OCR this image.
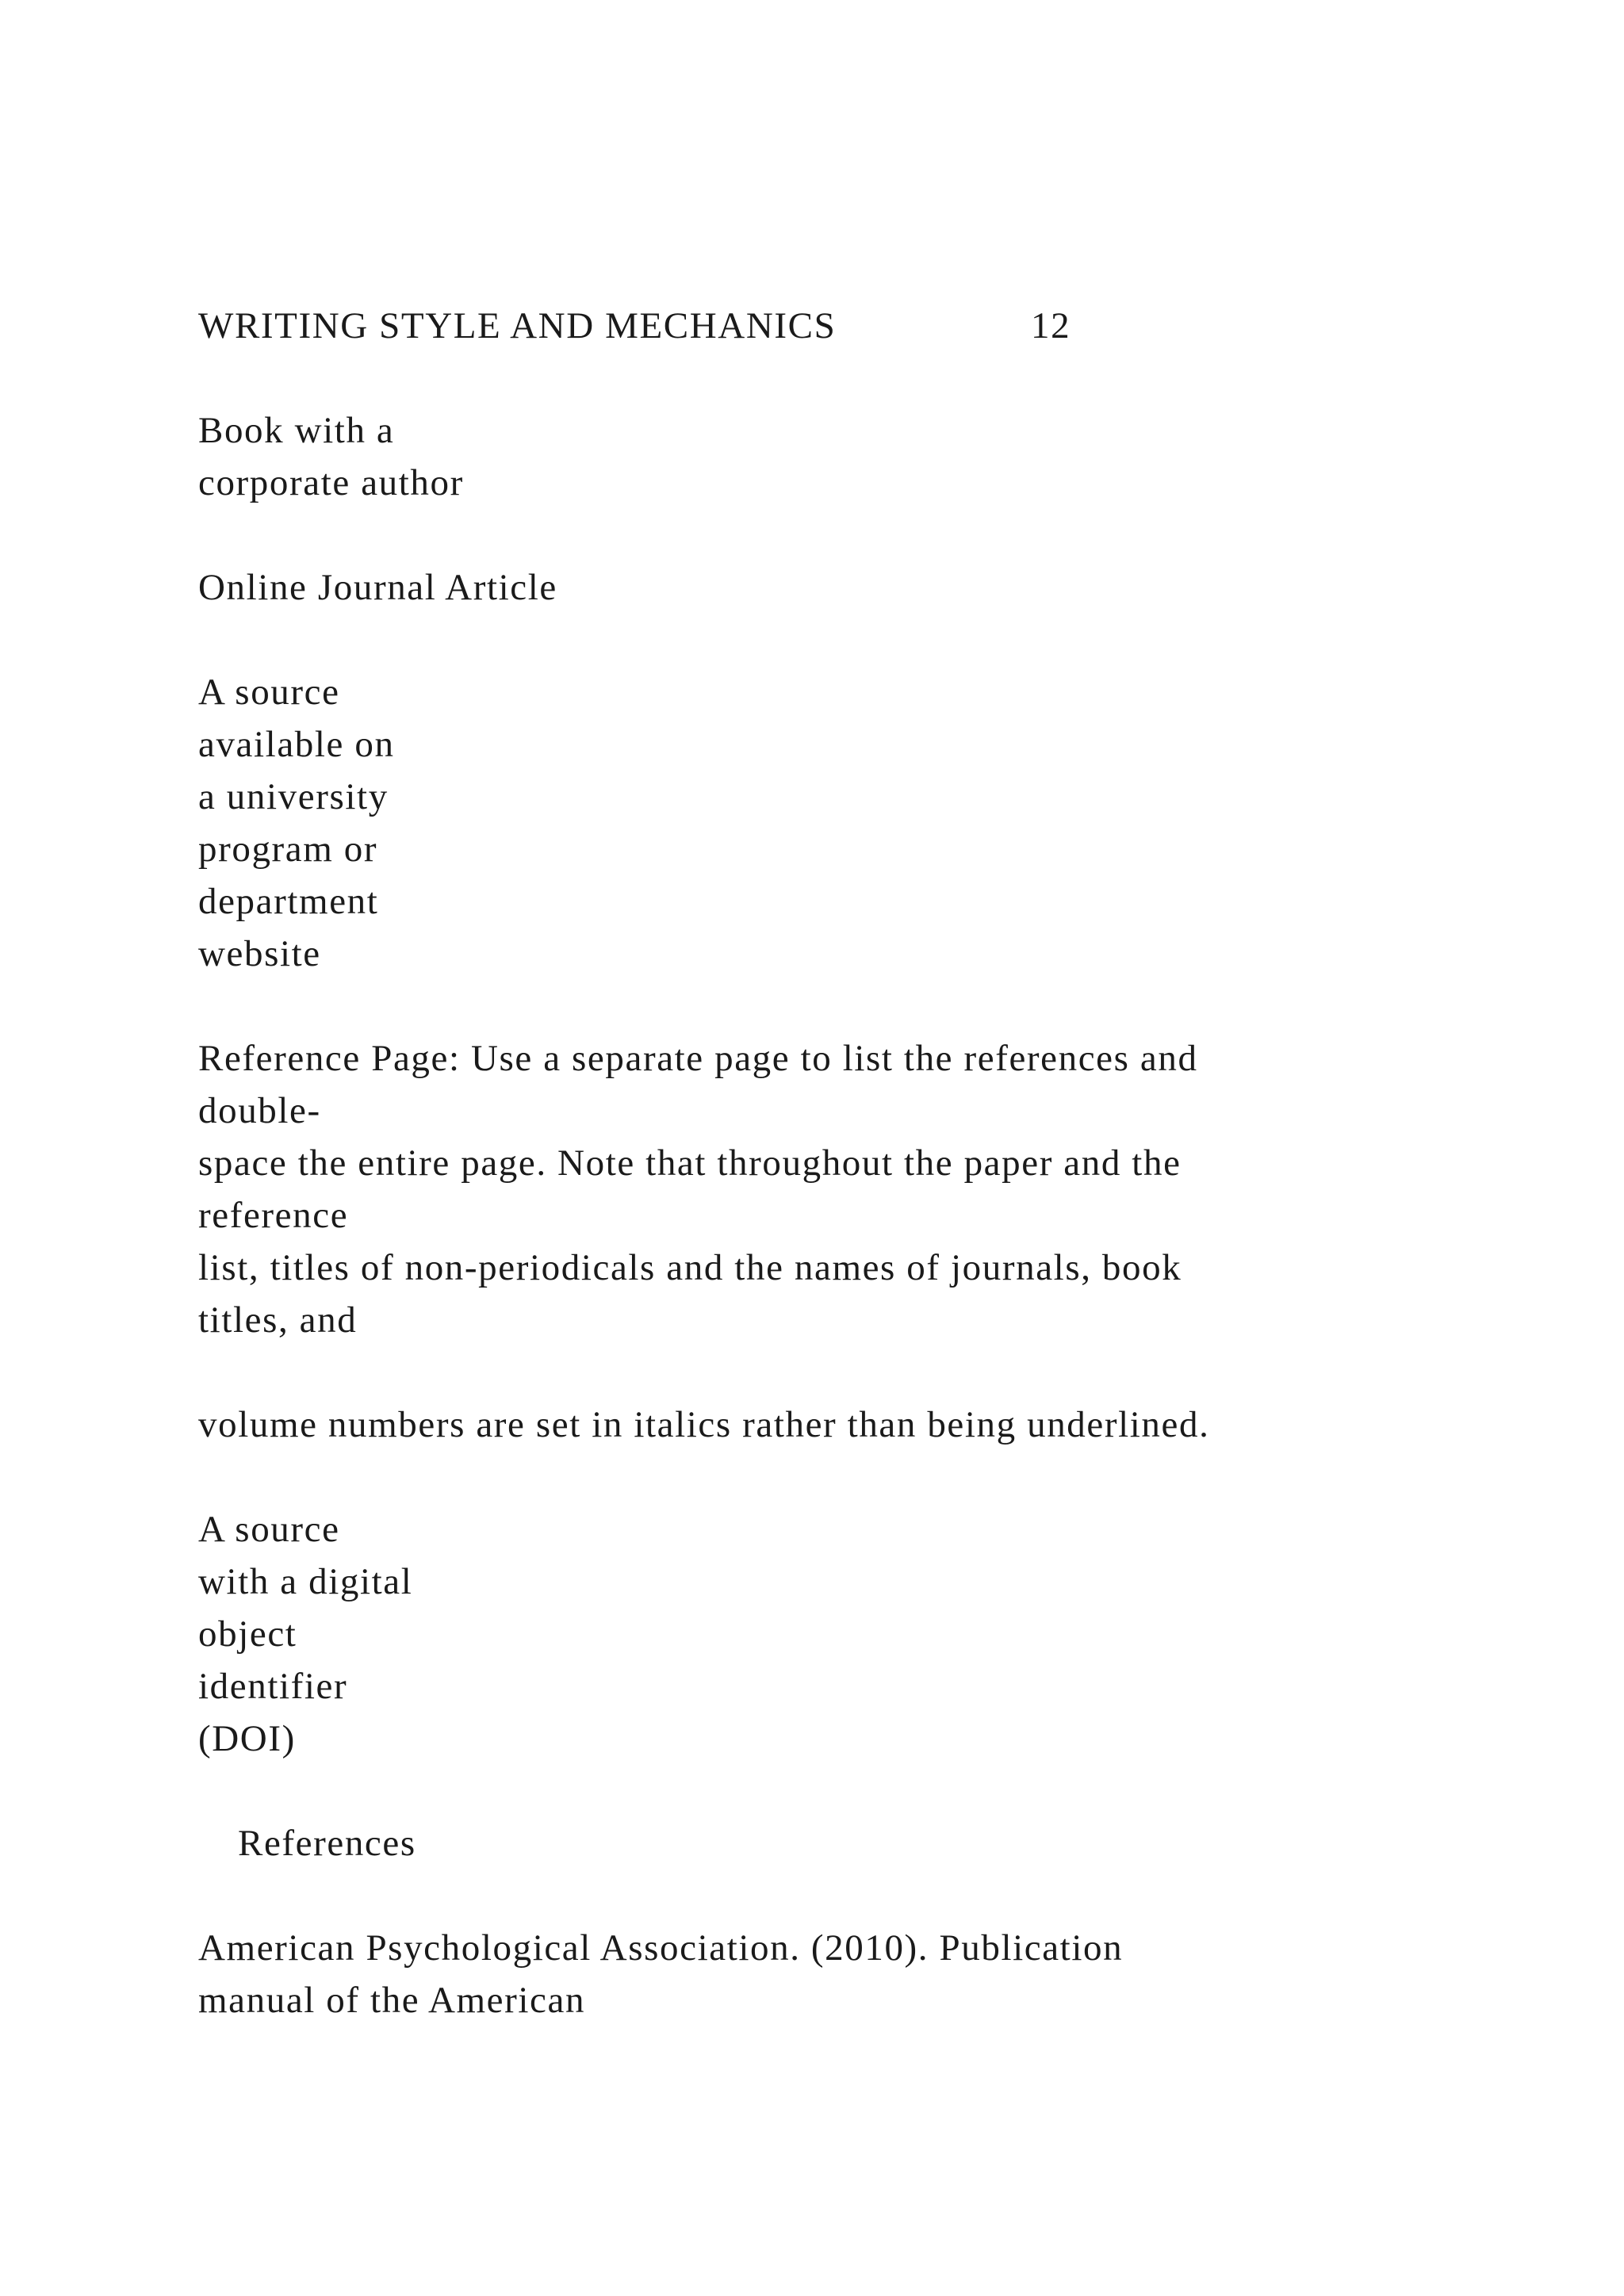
WRITING STYLE AND MECHANICS	12

Book with a

corporate author

Online Journal Article

A source

available on

a university

program or

department

website

Reference Page: Use a separate page to list the references and

double-

space the entire page. Note that throughout the paper and the

reference

list, titles of non-periodicals and the names of journals, book

titles, and

volume numbers are set in italics rather than being underlined.

A source

with a digital

object

identifier

(DOI)

References

American Psychological Association. (2010). Publication

manual of the American
